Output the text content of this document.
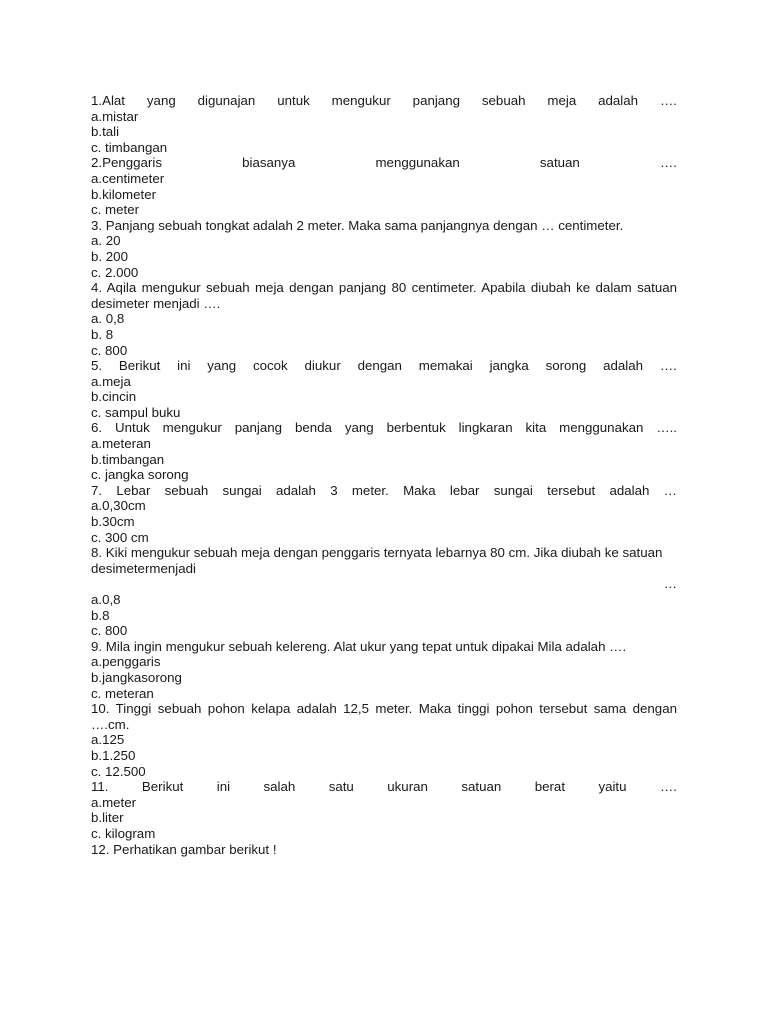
1.Alat yang digunajan untuk mengukur panjang sebuah meja adalah ….
a.mistar
b.tali
c. timbangan
2.Penggaris	biasanya	menggunakan	satuan	….
a.centimeter
b.kilometer
c. meter
3. Panjang sebuah tongkat adalah 2 meter. Maka sama panjangnya dengan … centimeter.
a. 20
b. 200
c. 2.000
4. Aqila mengukur sebuah meja dengan panjang 80 centimeter. Apabila diubah ke dalam satuan desimeter menjadi ….
a. 0,8
b. 8
c. 800
5. Berikut ini yang cocok diukur dengan memakai jangka sorong adalah ….
a.meja
b.cincin
c. sampul buku
6. Untuk mengukur panjang benda yang berbentuk lingkaran kita menggunakan …..
a.meteran
b.timbangan
c. jangka sorong
7. Lebar sebuah sungai adalah 3 meter. Maka lebar sungai tersebut adalah …
a.0,30cm
b.30cm
c. 300 cm
8. Kiki mengukur sebuah meja dengan penggaris ternyata lebarnya 80 cm. Jika diubah ke satuan
desimetermenjadi
…
a.0,8
b.8
c. 800
9. Mila ingin mengukur sebuah kelereng. Alat ukur yang tepat untuk dipakai Mila adalah ….
a.penggaris
b.jangkasorong
c. meteran
10. Tinggi sebuah pohon kelapa adalah 12,5 meter. Maka tinggi pohon tersebut sama dengan ….cm.
a.125
b.1.250
c. 12.500
11.	Berikut	ini	salah	satu	ukuran	satuan	berat	yaitu	….
a.meter
b.liter
c. kilogram
12. Perhatikan gambar berikut !
